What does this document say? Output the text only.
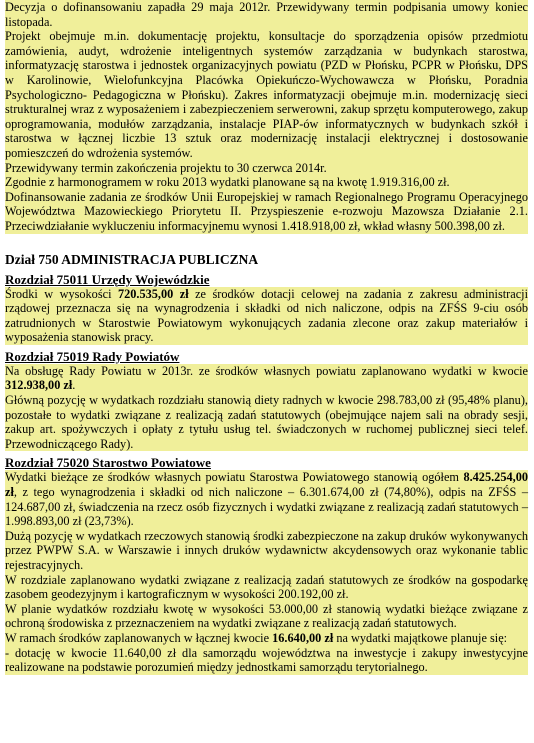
Decyzja o dofinansowaniu zapadła 29 maja 2012r. Przewidywany termin podpisania umowy koniec listopada.

Projekt obejmuje m.in. dokumentację projektu, konsultacje do sporządzenia opisów przedmiotu zamówienia, audyt, wdrożenie inteligentnych systemów zarządzania w budynkach starostwa, informatyzację starostwa i jednostek organizacyjnych powiatu (PZD w Płońsku, PCPR w Płońsku, DPS w Karolinowie, Wielofunkcyjna Placówka Opiekuńczo-Wychowawcza w Płońsku, Poradnia Psychologiczno- Pedagogiczna w Płońsku). Zakres informatyzacji obejmuje m.in. modernizację sieci strukturalnej wraz z wyposażeniem i zabezpieczeniem serwerowni, zakup sprzętu komputerowego, zakup oprogramowania, modułów zarządzania, instalacje PIAP-ów informatycznych w budynkach szkół i starostwa w łącznej liczbie 13 sztuk oraz modernizację instalacji elektrycznej i dostosowanie pomieszczeń do wdrożenia systemów.

Przewidywany termin zakończenia projektu to 30 czerwca 2014r.

Zgodnie z harmonogramem w roku 2013 wydatki planowane są na kwotę 1.919.316,00 zł.

Dofinansowanie zadania ze środków Unii Europejskiej w ramach Regionalnego Programu Operacyjnego Województwa Mazowieckiego Priorytetu II. Przyspieszenie e-rozwoju Mazowsza Działanie 2.1. Przeciwdziałanie wykluczeniu informacyjnemu wynosi 1.418.918,00 zł, wkład własny 500.398,00 zł.

Dział 750 ADMINISTRACJA PUBLICZNA

Rozdział 75011 Urzędy Wojewódzkie

Środki w wysokości 720.535,00 zł ze środków dotacji celowej na zadania z zakresu administracji rządowej przeznacza się na wynagrodzenia i składki od nich naliczone, odpis na ZFŚS 9-ciu osób zatrudnionych w Starostwie Powiatowym wykonujących zadania zlecone oraz zakup materiałów i wyposażenia stanowisk pracy.

Rozdział 75019 Rady Powiatów

Na obsługę Rady Powiatu w 2013r. ze środków własnych powiatu zaplanowano wydatki w kwocie 312.938,00 zł.

Główną pozycję w wydatkach rozdziału stanowią diety radnych w kwocie 298.783,00 zł (95,48% planu), pozostałe to wydatki związane z realizacją zadań statutowych (obejmujące najem sali na obrady sesji, zakup art. spożywczych i opłaty z tytułu usług tel. świadczonych w ruchomej publicznej sieci telef. Przewodniczącego Rady).

Rozdział 75020 Starostwo Powiatowe

Wydatki bieżące ze środków własnych powiatu Starostwa Powiatowego stanowią ogółem 8.425.254,00 zł, z tego wynagrodzenia i składki od nich naliczone – 6.301.674,00 zł (74,80%), odpis na ZFŚS – 124.687,00 zł, świadczenia na rzecz osób fizycznych i wydatki związane z realizacją zadań statutowych – 1.998.893,00 zł (23,73%).

Dużą pozycję w wydatkach rzeczowych stanowią środki zabezpieczone na zakup druków wykonywanych przez PWPW S.A. w Warszawie i innych druków wydawnictw akcydensowych oraz wykonanie tablic rejestracyjnych.

W rozdziale zaplanowano wydatki związane z realizacją zadań statutowych ze środków na gospodarkę zasobem geodezyjnym i kartograficznym w wysokości 200.192,00 zł.

W planie wydatków rozdziału kwotę w wysokości 53.000,00 zł stanowią wydatki bieżące związane z ochroną środowiska z przeznaczeniem na wydatki związane z realizacją zadań statutowych.

W ramach środków zaplanowanych w łącznej kwocie 16.640,00 zł na wydatki majątkowe planuje się:

- dotację w kwocie 11.640,00 zł dla samorządu województwa na inwestycje i zakupy inwestycyjne realizowane na podstawie porozumień między jednostkami samorządu terytorialnego.
